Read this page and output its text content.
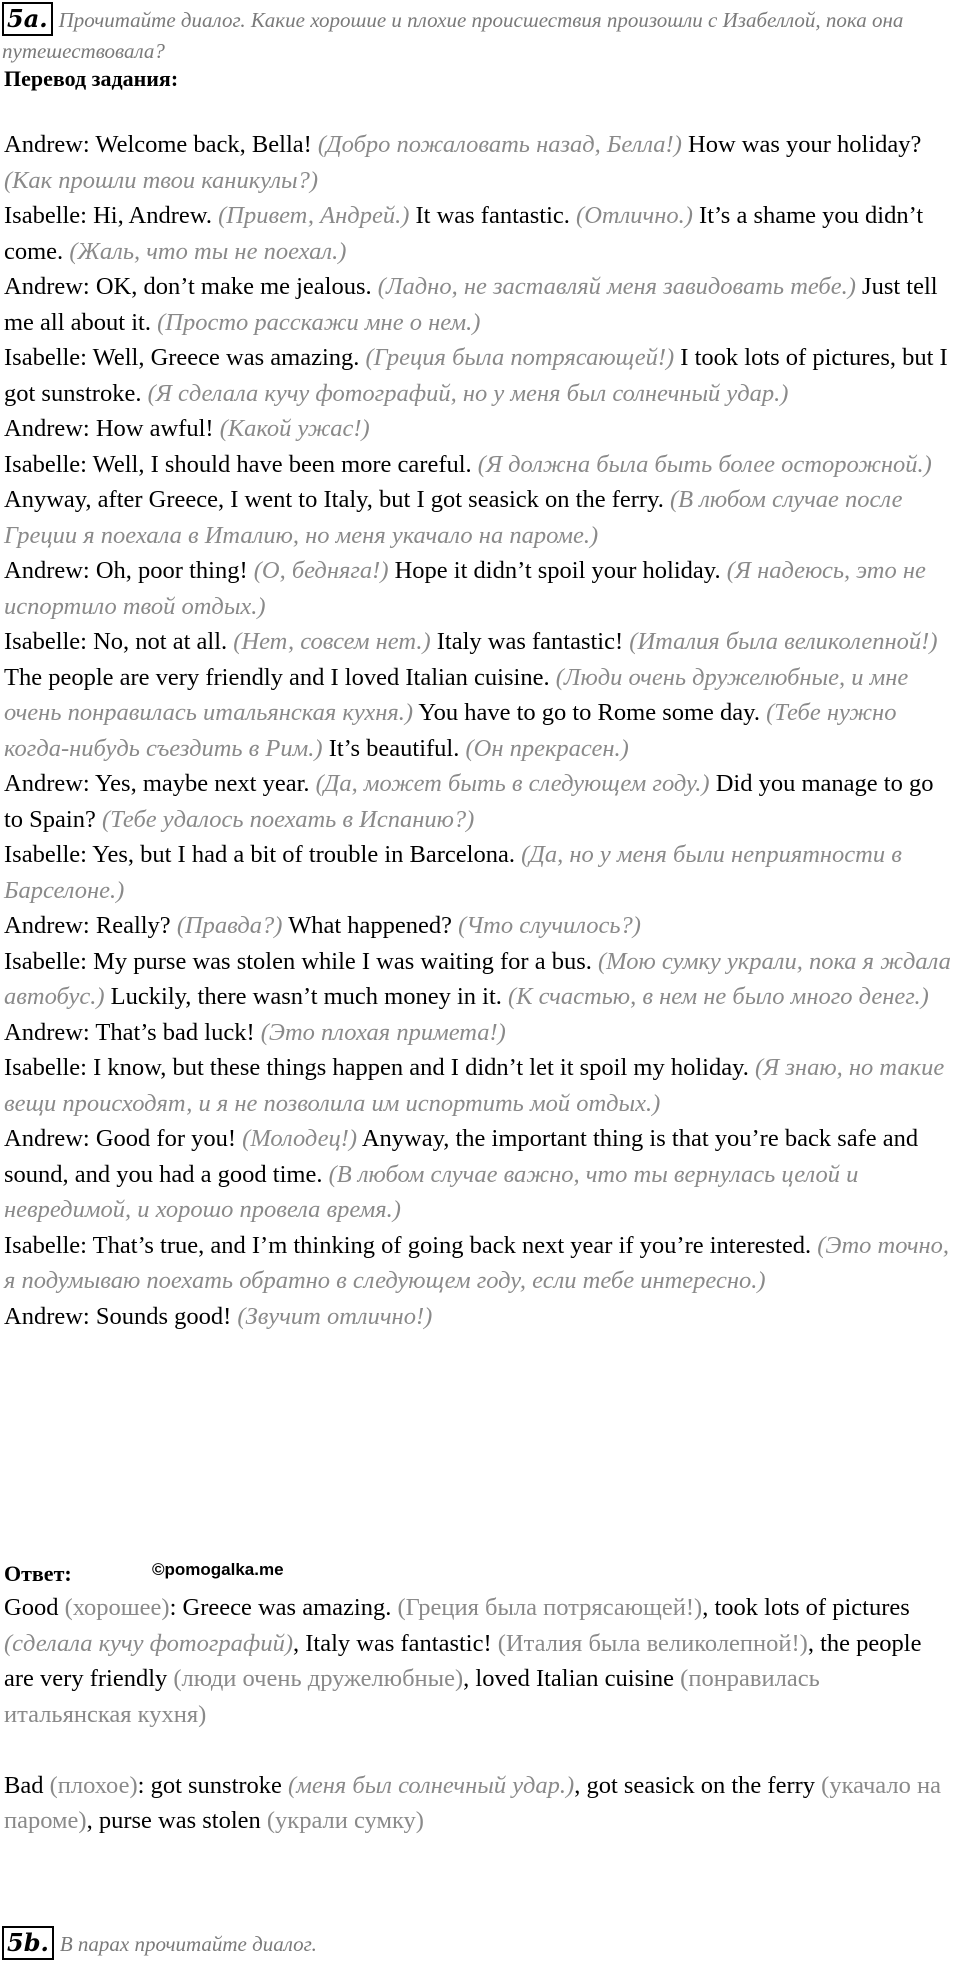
5a. Прочитайте диалог. Какие хорошие и плохие происшествия произошли с Изабеллой, пока она путешествовала?
Перевод задания:

Andrew: Welcome back, Bella! (Добро пожаловать назад, Белла!) How was your holiday? (Как прошли твои каникулы?)

Isabelle: Hi, Andrew. (Привет, Андрей.) It was fantastic. (Отлично.) It’s a shame you didn’t come. (Жаль, что ты не поехал.)

Andrew: OK, don’t make me jealous. (Ладно, не заставляй меня завидовать тебе.) Just tell me all about it. (Просто расскажи мне о нем.)

Isabelle: Well, Greece was amazing. (Греция была потрясающей!) I took lots of pictures, but I got sunstroke. (Я сделала кучу фотографий, но у меня был солнечный удар.)

Andrew: How awful! (Какой ужас!)

Isabelle: Well, I should have been more careful. (Я должна была быть более осторожной.) Anyway, after Greece, I went to Italy, but I got seasick on the ferry. (В любом случае после Греции я поехала в Италию, но меня укачало на пароме.)

Andrew: Oh, poor thing! (О, бедняга!) Hope it didn’t spoil your holiday. (Я надеюсь, это не испортило твой отдых.)

Isabelle: No, not at all. (Нет, совсем нет.) Italy was fantastic! (Италия была великолепной!) The people are very friendly and I loved Italian cuisine. (Люди очень дружелюбные, и мне очень понравилась итальянская кухня.) You have to go to Rome some day. (Тебе нужно когда-нибудь съездить в Рим.) It’s beautiful. (Он прекрасен.)

Andrew: Yes, maybe next year. (Да, может быть в следующем году.) Did you manage to go to Spain? (Тебе удалось поехать в Испанию?)

Isabelle: Yes, but I had a bit of trouble in Barcelona. (Да, но у меня были неприятности в Барселоне.)

Andrew: Really? (Правда?) What happened? (Что случилось?)

Isabelle: My purse was stolen while I was waiting for a bus. (Мою сумку украли, пока я ждала автобус.) Luckily, there wasn’t much money in it. (К счастью, в нем не было много денег.)

Andrew: That’s bad luck! (Это плохая примета!)

Isabelle: I know, but these things happen and I didn’t let it spoil my holiday. (Я знаю, но такие вещи происходят, и я не позволила им испортить мой отдых.)

Andrew: Good for you! (Молодец!) Anyway, the important thing is that you’re back safe and sound, and you had a good time. (В любом случае важно, что ты вернулась целой и невредимой, и хорошо провела время.)

Isabelle: That’s true, and I’m thinking of going back next year if you’re interested. (Это точно, я подумываю поехать обратно в следующем году, если тебе интересно.)

Andrew: Sounds good! (Звучит отлично!)

Ответ:	©pomogalka.me

Good (хорошее): Greece was amazing. (Греция была потрясающей!), took lots of pictures (сделала кучу фотографий), Italy was fantastic! (Италия была великолепной!), the people are very friendly (люди очень дружелюбные), loved Italian cuisine (понравилась итальянская кухня)

Bad (плохое): got sunstroke (меня был солнечный удар.), got seasick on the ferry (укачало на пароме), purse was stolen (украли сумку)

5b. В парах прочитайте диалог.
